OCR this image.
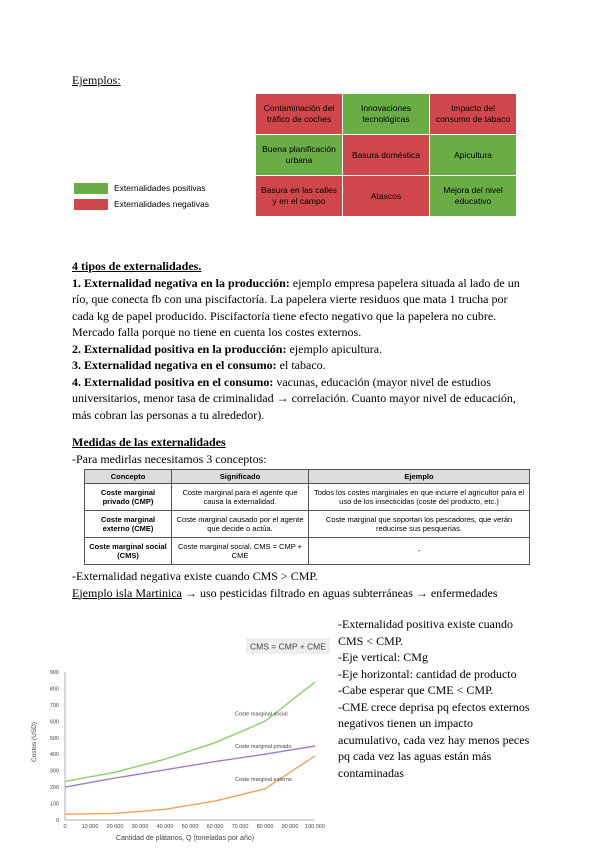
Ejemplos:
Contaminación del tráfico de coches	Innovaciones tecnológicas	Impacto del consumo de tabaco
Buena planificación urbana	Basura doméstica	Apicultura
Basura en las calles y en el campo	Atascos	Mejora del nivel educativo
Externalidades positivas
Externalidades negativas
4 tipos de externalidades.
1. Externalidad negativa en la producción: ejemplo empresa papelera situada al lado de un río, que conecta fb con una piscifactoría. La papelera vierte residuos que mata 1 trucha por cada kg de papel producido. Piscifactoría tiene efecto negativo que la papelera no cubre. Mercado falla porque no tiene en cuenta los costes externos.
2. Externalidad positiva en la producción: ejemplo apicultura.
3. Externalidad negativa en el consumo: el tabaco.
4. Externalidad positiva en el consumo: vacunas, educación (mayor nivel de estudios universitarios, menor tasa de criminalidad → correlación. Cuanto mayor nivel de educación, más cobran las personas a tu alrededor).
Medidas de las externalidades
-Para medirlas necesitamos 3 conceptos:
Concepto	Significado	Ejemplo
Coste marginal privado (CMP)	Coste marginal para el agente que causa la externalidad.	Todos los costes marginales en que incurre el agricultor para el uso de los insecticidas (coste del producto, etc.)
Coste marginal externo (CME)	Coste marginal causado por el agente que decide o actúa.	Coste marginal que soportan los pescadores, que verán reducirse sus pesquerías.
Coste marginal social (CMS)	Coste marginal social. CMS = CMP + CME	-
-Externalidad negativa existe cuando CMS > CMP.
Ejemplo isla Martinica → uso pesticidas filtrado en aguas subterráneas → enfermedades
-Externalidad positiva existe cuando CMS < CMP.
-Eje vertical: CMg
-Eje horizontal: cantidad de producto
-Cabe esperar que CME < CMP.
-CME crece deprisa pq efectos externos negativos tienen un impacto acumulativo, cada vez hay menos peces pq cada vez las aguas están más contaminadas
CMS = CMP + CME
0
100
200
300
400
500
600
700
800
900
0	10 000 20 000 30 000 40 000 50 000 60 000 70 000 80 000 90 000 100 000
Coste marginal social
Coste marginal privado
Coste marginal externo
Cantidad de plátanos, Q (toneladas por año)
Costos (USD)
